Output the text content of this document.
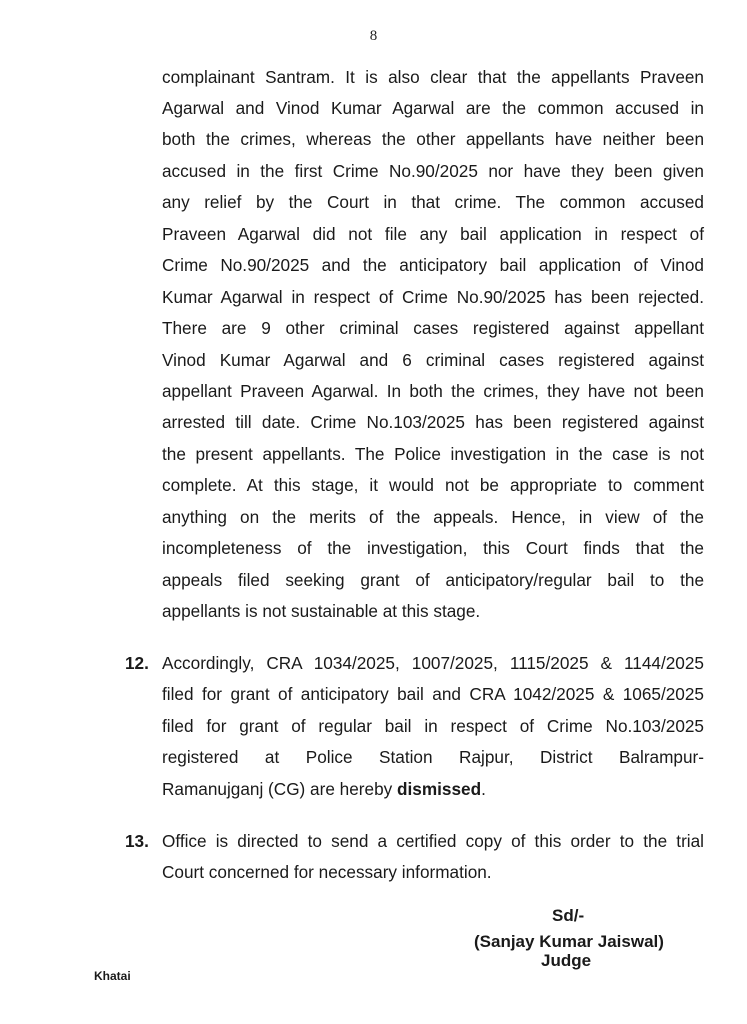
8
complainant Santram. It is also clear that the appellants Praveen
Agarwal and Vinod Kumar Agarwal are the common accused in
both the crimes, whereas the other appellants have neither been
accused in the first Crime No.90/2025 nor have they been given
any relief by the Court in that crime. The common accused
Praveen Agarwal did not file any bail application in respect of
Crime No.90/2025 and the anticipatory bail application of Vinod
Kumar Agarwal in respect of Crime No.90/2025 has been rejected.
There are 9 other criminal cases registered against appellant
Vinod Kumar Agarwal and 6 criminal cases registered against
appellant Praveen Agarwal. In both the crimes, they have not been
arrested till date. Crime No.103/2025 has been registered against
the present appellants. The Police investigation in the case is not
complete. At this stage, it would not be appropriate to comment
anything on the merits of the appeals. Hence, in view of the
incompleteness of the investigation, this Court finds that the
appeals filed seeking grant of anticipatory/regular bail to the
appellants is not sustainable at this stage.
12. Accordingly, CRA 1034/2025, 1007/2025, 1115/2025 & 1144/2025
filed for grant of anticipatory bail and CRA 1042/2025 & 1065/2025
filed for grant of regular bail in respect of Crime No.103/2025
registered at Police Station Rajpur, District Balrampur-
Ramanujganj (CG) are hereby dismissed.
13. Office is directed to send a certified copy of this order to the trial
Court concerned for necessary information.
Sd/-
(Sanjay Kumar Jaiswal)
Judge
Khatai
